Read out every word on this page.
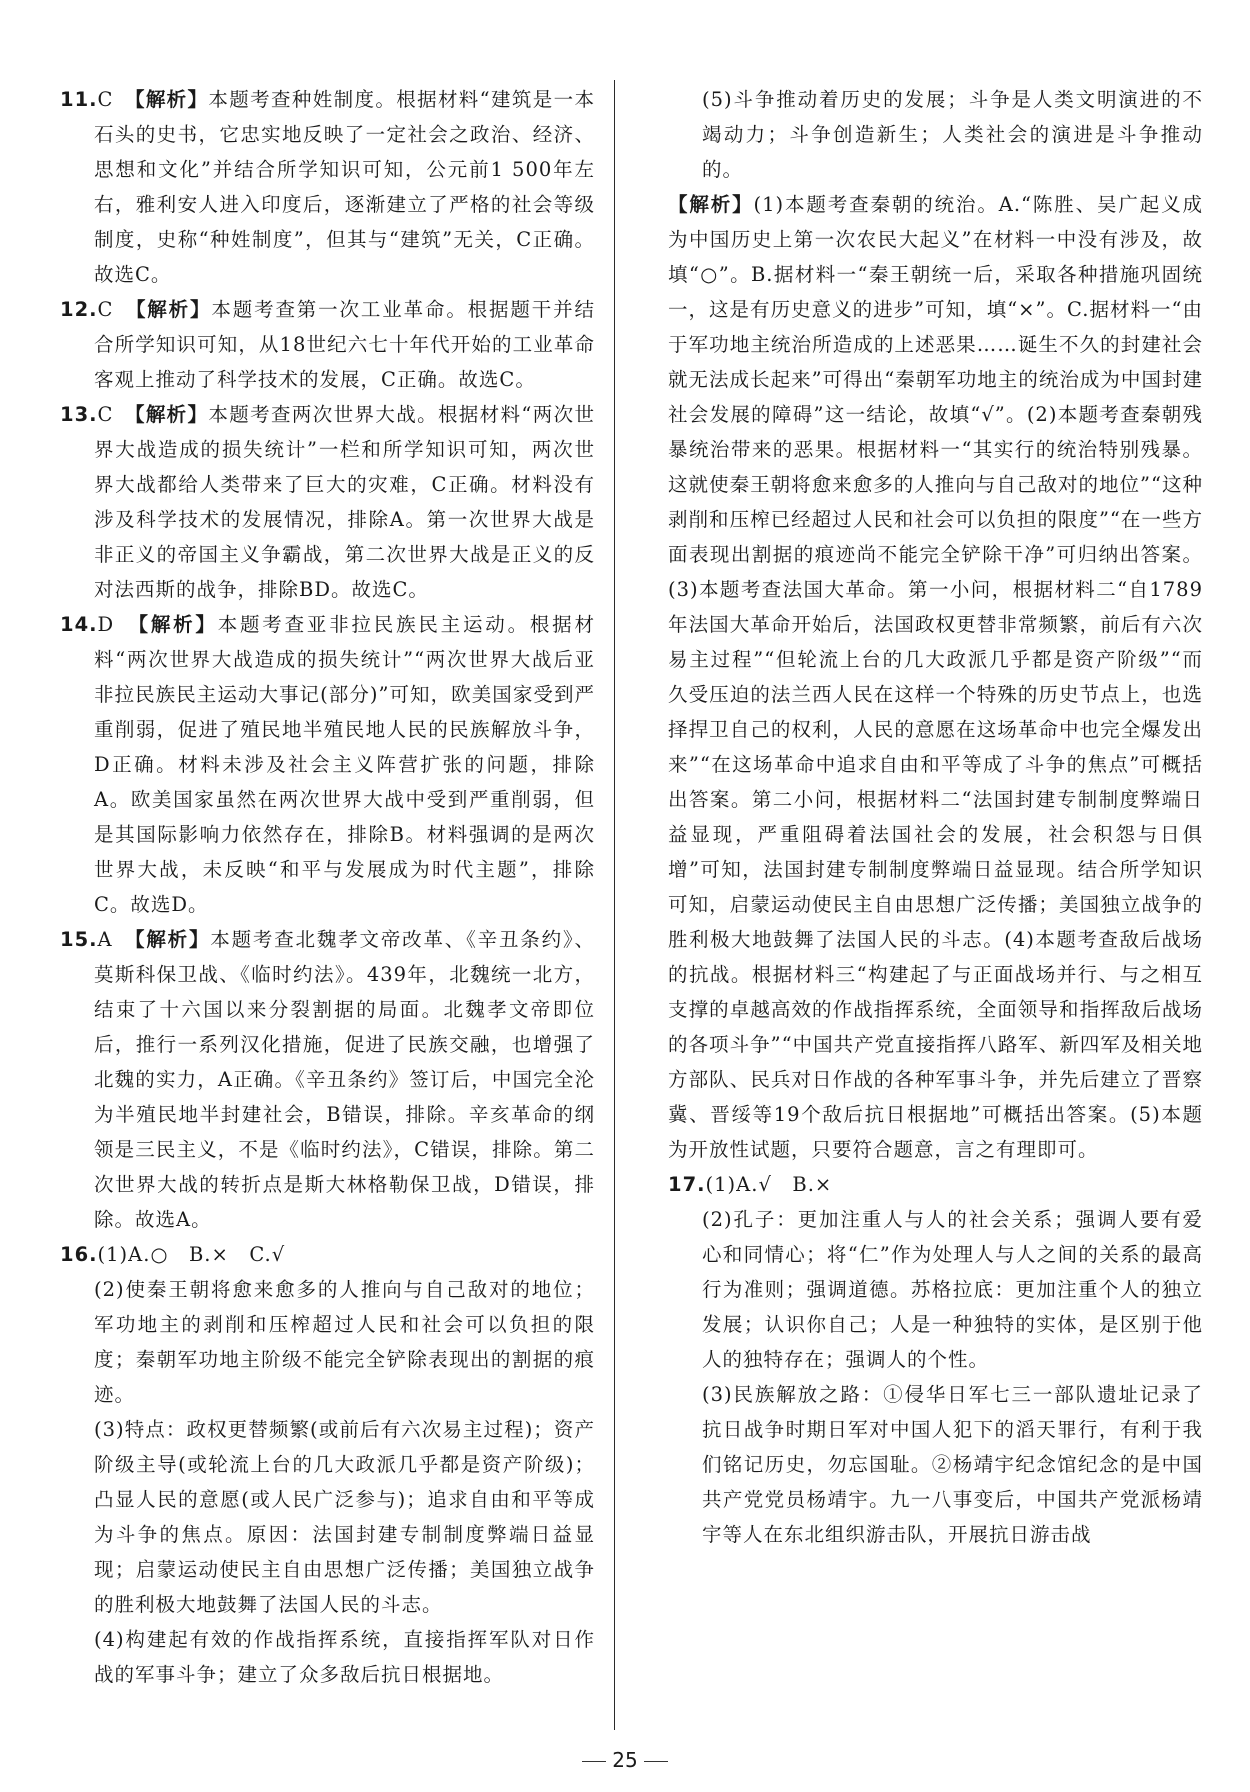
11.C　 【解析】本题考查种姓制度。根据材料“建筑是一本石头的史书，它忠实地反映了一定社会之政治、经济、思想和文化”并结合所学知识可知，公元前1 500年左右，雅利安人进入印度后，逐渐建立了严格的社会等级制度，史称“种姓制度”，但其与“建筑”无关，C正确。故选C。

12.C　 【解析】本题考查第一次工业革命。根据题干并结合所学知识可知，从18世纪六七十年代开始的工业革命客观上推动了科学技术的发展，C正确。故选C。

13.C　 【解析】本题考查两次世界大战。根据材料“两次世界大战造成的损失统计”一栏和所学知识可知，两次世界大战都给人类带来了巨大的灾难，C正确。材料没有涉及科学技术的发展情况，排除A。第一次世界大战是非正义的帝国主义争霸战，第二次世界大战是正义的反对法西斯的战争，排除BD。故选C。

14.D　 【解析】本题考查亚非拉民族民主运动。根据材料“两次世界大战造成的损失统计”“两次世界大战后亚非拉民族民主运动大事记(部分)”可知，欧美国家受到严重削弱，促进了殖民地半殖民地人民的民族解放斗争，D正确。材料未涉及社会主义阵营扩张的问题，排除A。欧美国家虽然在两次世界大战中受到严重削弱，但是其国际影响力依然存在，排除B。材料强调的是两次世界大战，未反映“和平与发展成为时代主题”，排除C。故选D。

15.A　 【解析】本题考查北魏孝文帝改革、《辛丑条约》、莫斯科保卫战、《临时约法》。439年，北魏统一北方，结束了十六国以来分裂割据的局面。北魏孝文帝即位后，推行一系列汉化措施，促进了民族交融，也增强了北魏的实力，A正确。《辛丑条约》签订后，中国完全沦为半殖民地半封建社会，B错误，排除。辛亥革命的纲领是三民主义，不是《临时约法》，C错误，排除。第二次世界大战的转折点是斯大林格勒保卫战，D错误，排除。故选A。

16.(1)A.○　B.×　C.√

(2)使秦王朝将愈来愈多的人推向与自己敌对的地位；军功地主的剥削和压榨超过人民和社会可以负担的限度；秦朝军功地主阶级不能完全铲除表现出的割据的痕迹。

(3)特点：政权更替频繁(或前后有六次易主过程)；资产阶级主导(或轮流上台的几大政派几乎都是资产阶级)；凸显人民的意愿(或人民广泛参与)；追求自由和平等成为斗争的焦点。原因：法国封建专制制度弊端日益显现；启蒙运动使民主自由思想广泛传播；美国独立战争的胜利极大地鼓舞了法国人民的斗志。

(4)构建起有效的作战指挥系统，直接指挥军队对日作战的军事斗争；建立了众多敌后抗日根据地。

(5)斗争推动着历史的发展；斗争是人类文明演进的不竭动力；斗争创造新生；人类社会的演进是斗争推动的。

【解析】(1)本题考查秦朝的统治。A.“陈胜、吴广起义成为中国历史上第一次农民大起义”在材料一中没有涉及，故填“○”。B.据材料一“秦王朝统一后，采取各种措施巩固统一，这是有历史意义的进步”可知，填“×”。C.据材料一“由于军功地主统治所造成的上述恶果……诞生不久的封建社会就无法成长起来”可得出“秦朝军功地主的统治成为中国封建社会发展的障碍”这一结论，故填“√”。(2)本题考查秦朝残暴统治带来的恶果。根据材料一“其实行的统治特别残暴。这就使秦王朝将愈来愈多的人推向与自己敌对的地位”“这种剥削和压榨已经超过人民和社会可以负担的限度”“在一些方面表现出割据的痕迹尚不能完全铲除干净”可归纳出答案。(3)本题考查法国大革命。第一小问，根据材料二“自1789年法国大革命开始后，法国政权更替非常频繁，前后有六次易主过程”“但轮流上台的几大政派几乎都是资产阶级”“而久受压迫的法兰西人民在这样一个特殊的历史节点上，也选择捍卫自己的权利，人民的意愿在这场革命中也完全爆发出来”“在这场革命中追求自由和平等成了斗争的焦点”可概括出答案。第二小问，根据材料二“法国封建专制制度弊端日益显现，严重阻碍着法国社会的发展，社会积怨与日俱增”可知，法国封建专制制度弊端日益显现。结合所学知识可知，启蒙运动使民主自由思想广泛传播；美国独立战争的胜利极大地鼓舞了法国人民的斗志。(4)本题考查敌后战场的抗战。根据材料三“构建起了与正面战场并行、与之相互支撑的卓越高效的作战指挥系统，全面领导和指挥敌后战场的各项斗争”“中国共产党直接指挥八路军、新四军及相关地方部队、民兵对日作战的各种军事斗争，并先后建立了晋察冀、晋绥等19个敌后抗日根据地”可概括出答案。(5)本题为开放性试题，只要符合题意，言之有理即可。

17.(1)A.√　B.×

(2)孔子：更加注重人与人的社会关系；强调人要有爱心和同情心；将“仁”作为处理人与人之间的关系的最高行为准则；强调道德。苏格拉底：更加注重个人的独立发展；认识你自己；人是一种独特的实体，是区别于他人的独特存在；强调人的个性。

(3)民族解放之路：①侵华日军七三一部队遗址记录了抗日战争时期日军对中国人犯下的滔天罪行，有利于我们铭记历史，勿忘国耻。②杨靖宇纪念馆纪念的是中国共产党党员杨靖宇。九一八事变后，中国共产党派杨靖宇等人在东北组织游击队，开展抗日游击战

25
